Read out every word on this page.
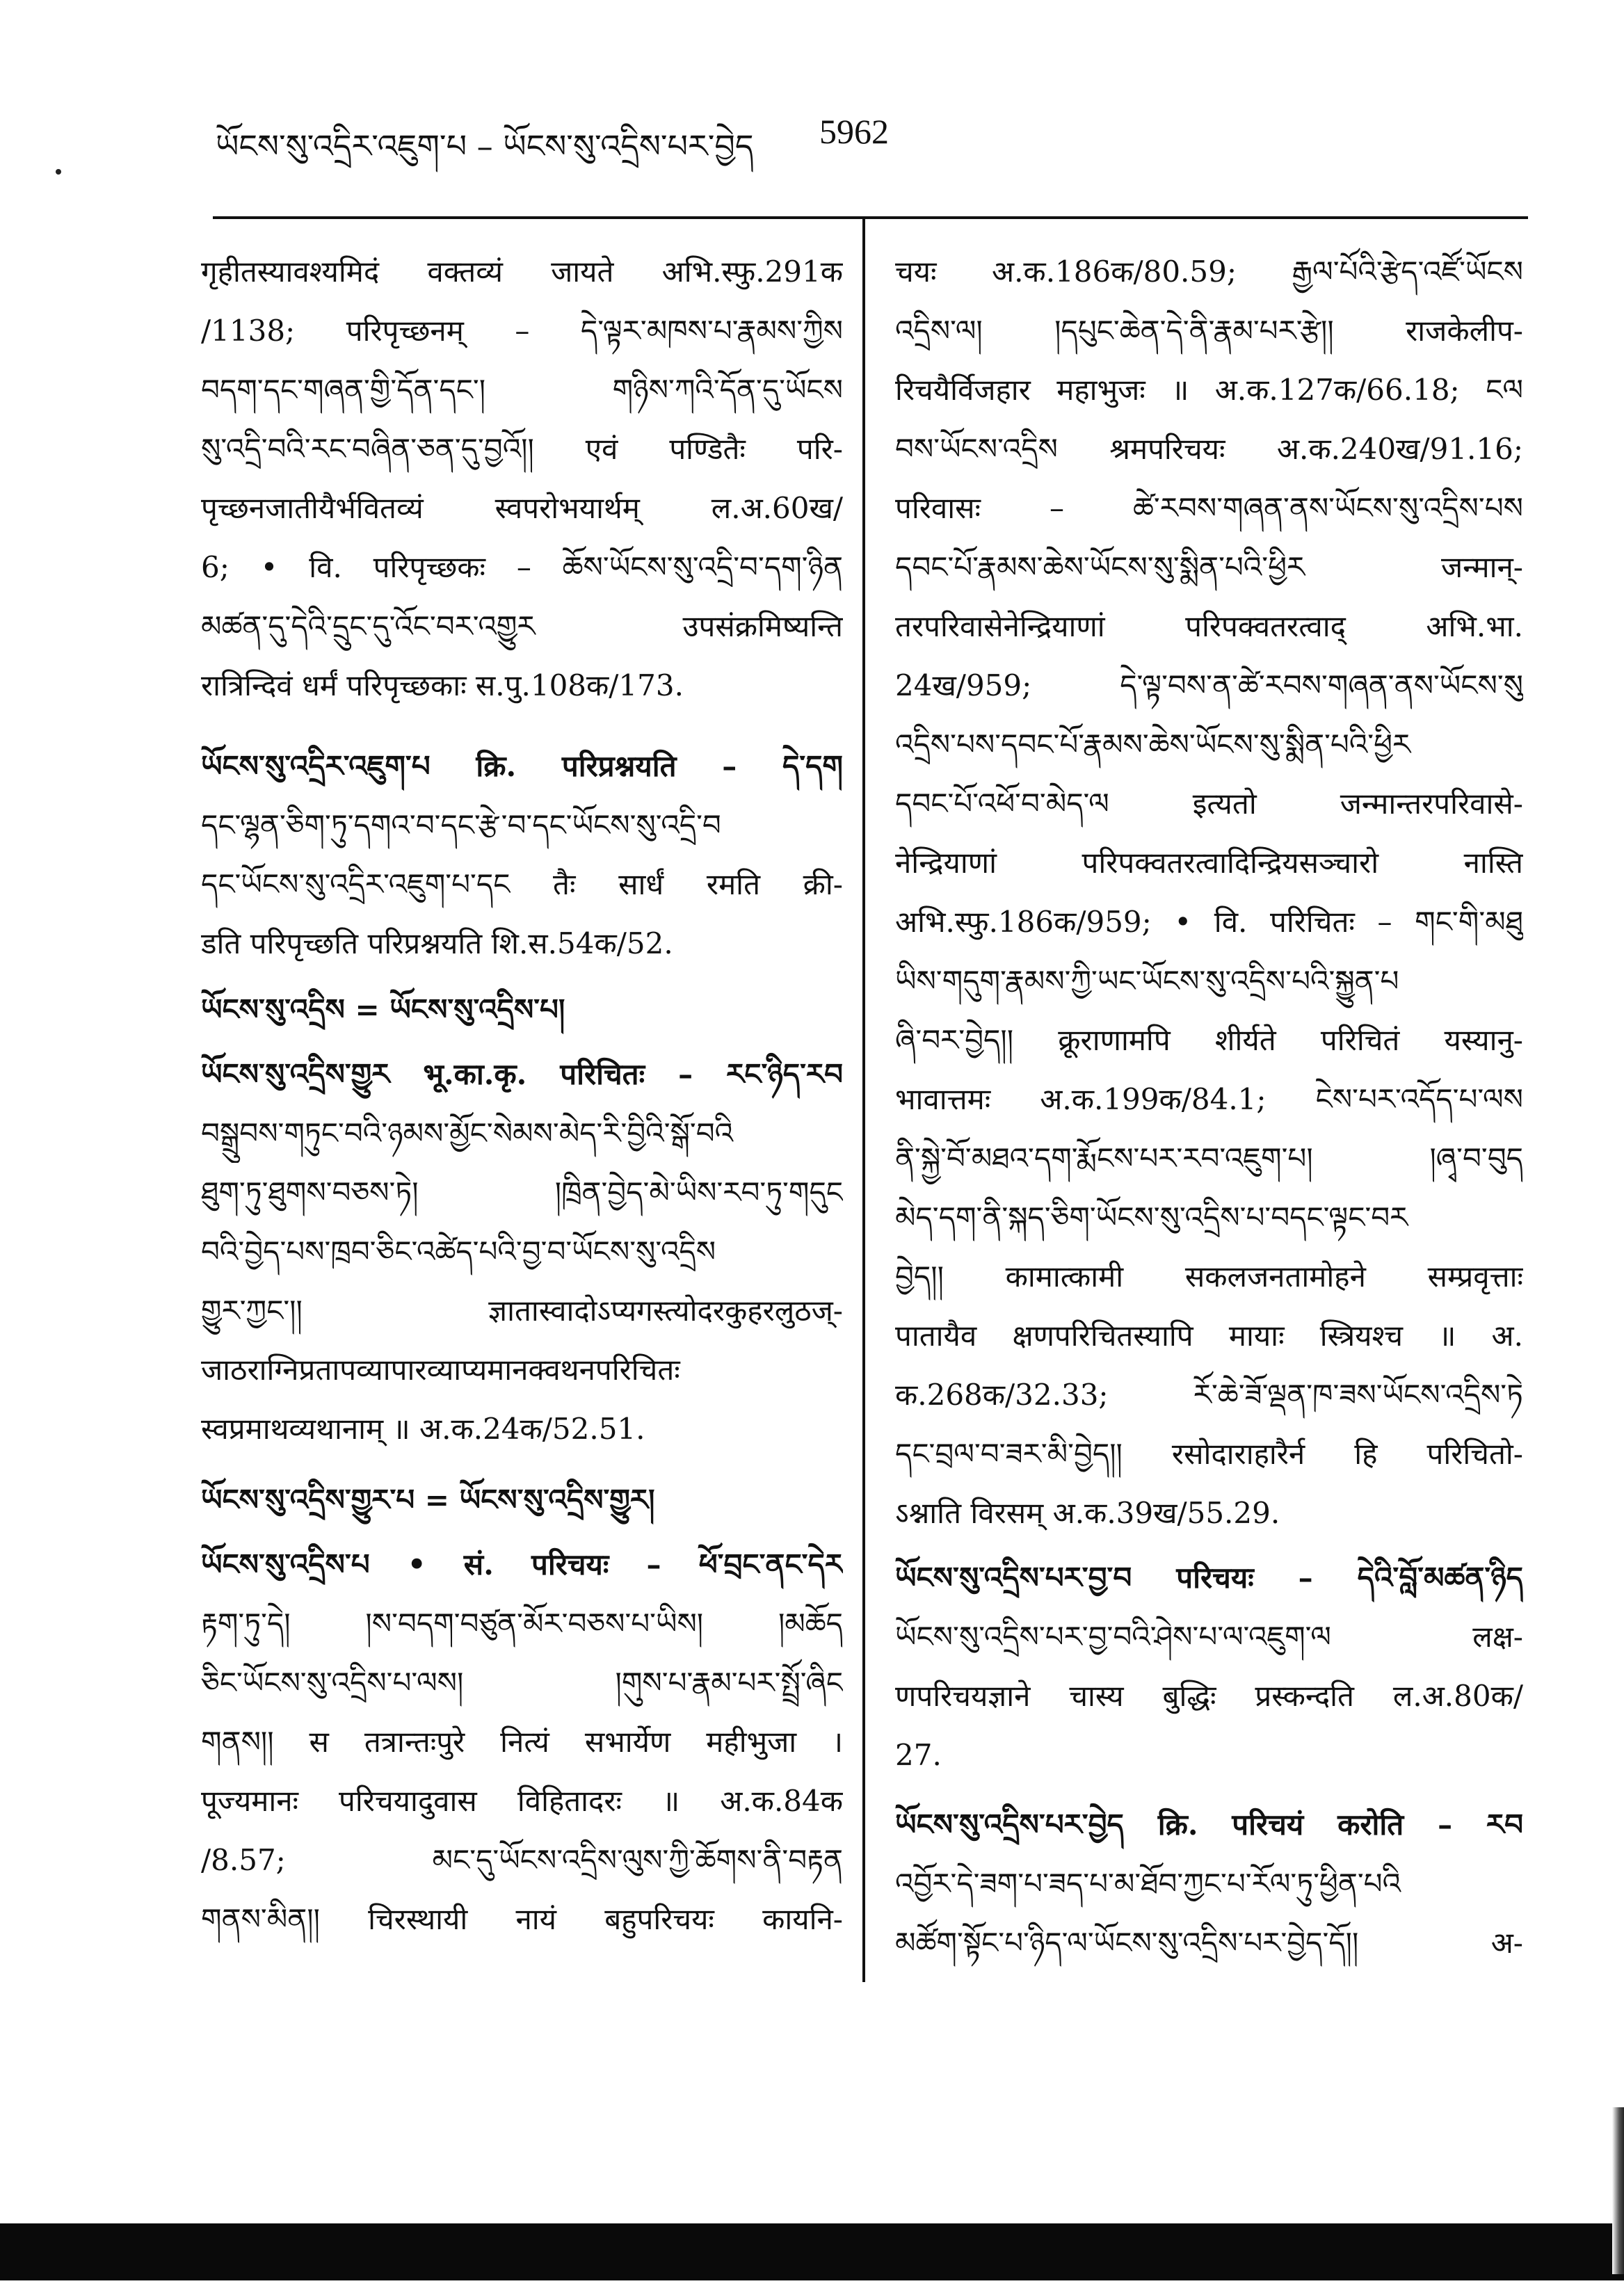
ཡོངས་སུ་འདྲིར་འཇུག་པ – ཡོངས་སུ་འདྲིས་པར་བྱེད 5962
गृहीतस्यावश्यमिदं वक्तव्यं जायते अभि.स्फु.291क
/1138; परिपृच्छनम् – དེ་ལྟར་མཁས་པ་རྣམས་ཀྱིས
བདག་དང་གཞན་གྱི་དོན་དང་། གཉིས་ཀའི་དོན་དུ་ཡོངས
སུ་འདྲི་བའི་རང་བཞིན་ཅན་དུ་བྱའོ།། एवं पण्डितैः परि-
पृच्छनजातीयैर्भवितव्यं स्वपरोभयार्थम् ल.अ.60ख/
6; • वि. परिपृच्छकः – ཆོས་ཡོངས་སུ་འདྲི་བ་དག་ཉིན
མཚན་དུ་དེའི་དྲུང་དུ་འོང་བར་འགྱུར उपसंक्रमिष्यन्ति
रात्रिन्दिवं धर्मं परिपृच्छकाः स.पु.108क/173.
ཡོངས་སུ་འདྲིར་འཇུག་པ क्रि. परिप्रश्नयति – དེ་དག
དང་ལྷན་ཅིག་ཏུ་དགའ་བ་དང་རྩེ་བ་དང་ཡོངས་སུ་འདྲི་བ
དང་ཡོངས་སུ་འདྲིར་འཇུག་པ་དང तैः सार्धं रमति क्री-
डति परिपृच्छति परिप्रश्नयति शि.स.54क/52.
ཡོངས་སུ་འདྲིས = ཡོངས་སུ་འདྲིས་པ།
ཡོངས་སུ་འདྲིས་གྱུར भू.का.कृ. परिचितः – རང་ཉིད་རབ
བསྒྲུབས་གཏུང་བའི་ཉམས་མྱོང་སེམས་མེད་རི་བྱིའི་སྒོ་བའི
ཐུག་ཏུ་ཐུགས་བཅས་ཏེ། །ཁྲིན་བྱེད་མེ་ཡིས་རབ་ཏུ་གདུང
བའི་བྱེད་པས་ཁྲབ་ཅིང་འཚེད་པའི་བྱ་བ་ཡོངས་སུ་འདྲིས
གྱུར་ཀྱང་།། ज्ञातास्वादोऽप्यगस्त्योदरकुहरलुठज्-
जाठराग्निप्रतापव्यापारव्याप्यमानक्वथनपरिचितः
स्वप्रमाथव्यथानाम् ॥ अ.क.24क/52.51.
ཡོངས་སུ་འདྲིས་གྱུར་པ = ཡོངས་སུ་འདྲིས་གྱུར།
ཡོངས་སུ་འདྲིས་པ • सं. परिचयः – ཕོ་བྲང་ནང་དེར
རྟག་ཏུ་དེ། །ས་བདག་བཙུན་མོར་བཅས་པ་ཡིས། །མཆོད
ཅིང་ཡོངས་སུ་འདྲིས་པ་ལས། །གུས་པ་རྣམ་པར་སྤྲོ་ཞིང
གནས།། स तत्रान्तःपुरे नित्यं सभार्येण महीभुजा ।
पूज्यमानः परिचयादुवास विहितादरः ॥ अ.क.84क
/8.57; མང་དུ་ཡོངས་འདྲིས་ལུས་ཀྱི་ཆོགས་ནི་བརྟན
གནས་མིན།། चिरस्थायी नायं बहुपरिचयः कायनि-
चयः अ.क.186क/80.59; རྒྱལ་པོའི་རྩེད་འཛོ་ཡོངས
འདྲིས་ལ། །དཔུང་ཆེན་དེ་ནི་རྣམ་པར་རྩེ།། राजकेलीप-
रिचयैर्विजहार महाभुजः ॥ अ.क.127क/66.18; ངལ
བས་ཡོངས་འདྲིས श्रमपरिचयः अ.क.240ख/91.16;
परिवासः – ཚེ་རབས་གཞན་ནས་ཡོངས་སུ་འདྲིས་པས
དབང་པོ་རྣམས་ཆེས་ཡོངས་སུ་སྨིན་པའི་ཕྱིར जन्मान्-
तरपरिवासेनेन्द्रियाणां परिपक्वतरत्वाद् अभि.भा.
24ख/959; དེ་ལྟ་བས་ན་ཚེ་རབས་གཞན་ནས་ཡོངས་སུ
འདྲིས་པས་དབང་པོ་རྣམས་ཆེས་ཡོངས་སུ་སྨིན་པའི་ཕྱིར
དབང་པོ་འཕོ་བ་མེད་ལ इत्यतो जन्मान्तरपरिवासे-
नेन्द्रियाणां परिपक्वतरत्वादिन्द्रियसञ्चारो नास्ति
अभि.स्फु.186क/959; • वि. परिचितः – གང་གི་མཐུ
ཡིས་གདུག་རྣམས་ཀྱི་ཡང་ཡོངས་སུ་འདྲིས་པའི་སྐྱུན་པ
ཞི་བར་བྱེད།། क्रूराणामपि शीर्यते परिचितं यस्यानु-
भावात्तमः अ.क.199क/84.1; ངེས་པར་འདོད་པ་ལས
ནི་སྐྱེ་བོ་མཐའ་དག་རྨོངས་པར་རབ་འཇུག་པ། །ཞྭ་བ་བུད
མེད་དག་ནི་སྐད་ཅིག་ཡོངས་སུ་འདྲིས་པ་བདང་ལྟང་བར
བྱེད།། कामात्कामी सकलजनतामोहने सम्प्रवृत्ताः
पातायैव क्षणपरिचितस्यापि मायाः स्त्रियश्च ॥ अ.
क.268क/32.33; རོ་ཆེ་ཟོ་ལྡན་ཁ་ཟས་ཡོངས་འདྲིས་ཏེ
དང་བྲལ་བ་ཟར་མི་བྱེད།། रसोदाराहारैर्न हि परिचितो-
ऽश्नाति विरसम् अ.क.39ख/55.29.
ཡོངས་སུ་འདྲིས་པར་བྱ་བ परिचयः – དེའི་བློ་མཚན་ཉིད
ཡོངས་སུ་འདྲིས་པར་བྱ་བའི་ཤེས་པ་ལ་འཇུག་ལ लक्ष-
णपरिचयज्ञाने चास्य बुद्धिः प्रस्कन्दति ल.अ.80क/
27.
ཡོངས་སུ་འདྲིས་པར་བྱེད क्रि. परिचयं करोति – རབ
འབྱོར་དེ་ཟག་པ་ཟད་པ་མ་ཐོབ་ཀྱང་པ་རོལ་ཏུ་ཕྱིན་པའི
མཚོག་སྟོང་པ་ཉིད་ལ་ཡོངས་སུ་འདྲིས་པར་བྱེད་དོ།། अ-
